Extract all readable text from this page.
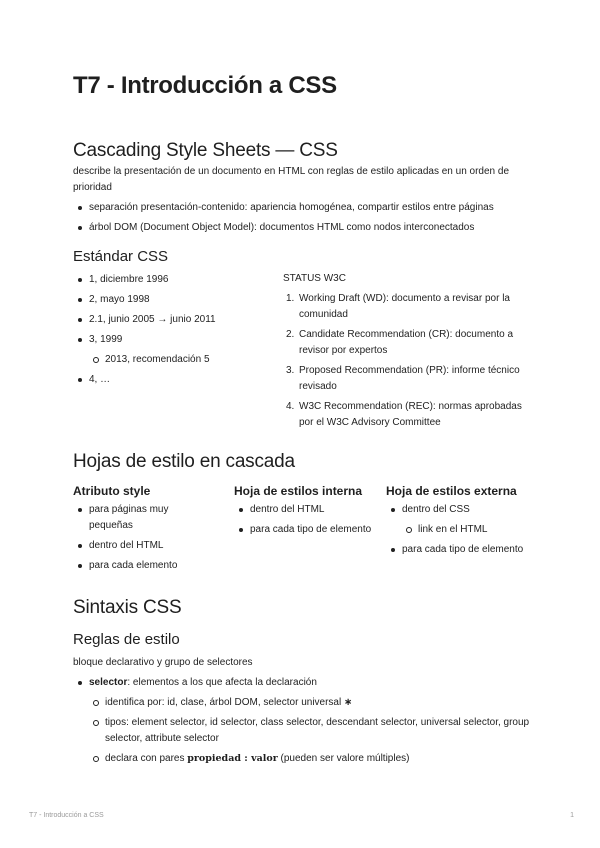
T7 - Introducción a CSS
Cascading Style Sheets — CSS

describe la presentación de un documento en HTML con reglas de estilo aplicadas en un orden de prioridad

separación presentación-contenido: apariencia homogénea, compartir estilos entre páginas
árbol DOM (Document Object Model): documentos HTML como nodos interconectados
Estándar CSS
1, diciembre 1996
2, mayo 1998
2.1, junio 2005 → junio 2011
3, 1999
2013, recomendación 5
4, …

STATUS W3C

1. Working Draft (WD): documento a revisar por la comunidad
2. Candidate Recommendation (CR): documento a revisor por expertos
3. Proposed Recommendation (PR): informe técnico revisado
4. W3C Recommendation (REC): normas aprobadas por el W3C Advisory Committee
Hojas de estilo en cascada
Atributo style
para páginas muy pequeñas
dentro del HTML
para cada elemento
Hoja de estilos interna
dentro del HTML
para cada tipo de elemento
Hoja de estilos externa
dentro del CSS
link en el HTML
para cada tipo de elemento
Sintaxis CSS
Reglas de estilo

bloque declarativo y grupo de selectores

selector: elementos a los que afecta la declaración
identifica por: id, clase, árbol DOM, selector universal ∗
tipos: element selector, id selector, class selector, descendant selector, universal selector, group selector, attribute selector
declara con pares propiedad : valor (pueden ser valore múltiples)
T7 - Introducción a CSS	1
